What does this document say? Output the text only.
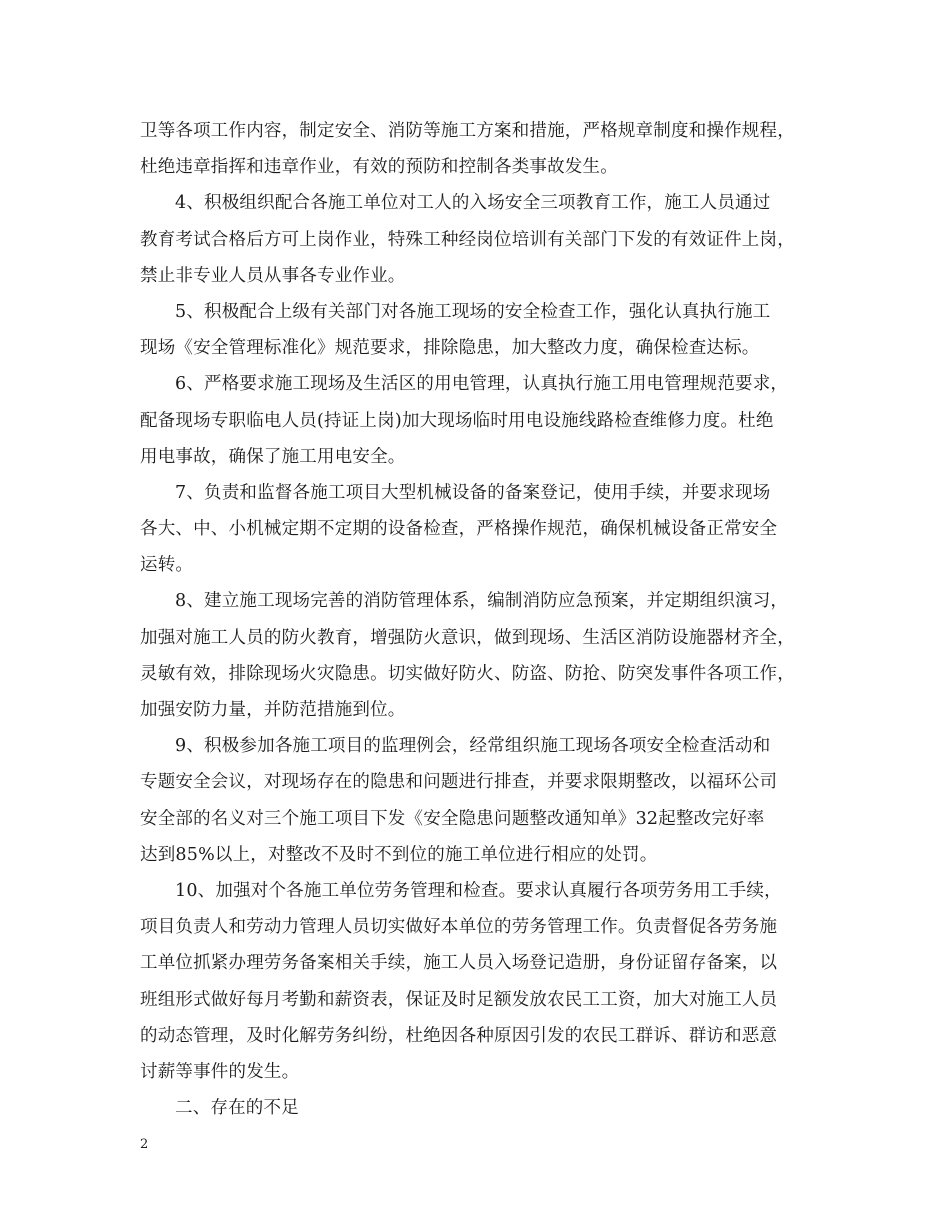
卫等各项工作内容，制定安全、消防等施工方案和措施，严格规章制度和操作规程，
杜绝违章指挥和违章作业，有效的预防和控制各类事故发生。
4、积极组织配合各施工单位对工人的入场安全三项教育工作，施工人员通过
教育考试合格后方可上岗作业，特殊工种经岗位培训有关部门下发的有效证件上岗，
禁止非专业人员从事各专业作业。
5、积极配合上级有关部门对各施工现场的安全检查工作，强化认真执行施工
现场《安全管理标准化》规范要求，排除隐患，加大整改力度，确保检查达标。
6、严格要求施工现场及生活区的用电管理，认真执行施工用电管理规范要求，
配备现场专职临电人员(持证上岗)加大现场临时用电设施线路检查维修力度。杜绝
用电事故，确保了施工用电安全。
7、负责和监督各施工项目大型机械设备的备案登记，使用手续，并要求现场
各大、中、小机械定期不定期的设备检查，严格操作规范，确保机械设备正常安全
运转。
8、建立施工现场完善的消防管理体系，编制消防应急预案，并定期组织演习，
加强对施工人员的防火教育，增强防火意识，做到现场、生活区消防设施器材齐全，
灵敏有效，排除现场火灾隐患。切实做好防火、防盗、防抢、防突发事件各项工作，
加强安防力量，并防范措施到位。
9、积极参加各施工项目的监理例会，经常组织施工现场各项安全检查活动和
专题安全会议，对现场存在的隐患和问题进行排查，并要求限期整改，以福环公司
安全部的名义对三个施工项目下发《安全隐患问题整改通知单》32起整改完好率
达到85%以上，对整改不及时不到位的施工单位进行相应的处罚。
10、加强对个各施工单位劳务管理和检查。要求认真履行各项劳务用工手续，
项目负责人和劳动力管理人员切实做好本单位的劳务管理工作。负责督促各劳务施
工单位抓紧办理劳务备案相关手续，施工人员入场登记造册，身份证留存备案，以
班组形式做好每月考勤和薪资表，保证及时足额发放农民工工资，加大对施工人员
的动态管理，及时化解劳务纠纷，杜绝因各种原因引发的农民工群诉、群访和恶意
讨薪等事件的发生。
二、存在的不足
2
